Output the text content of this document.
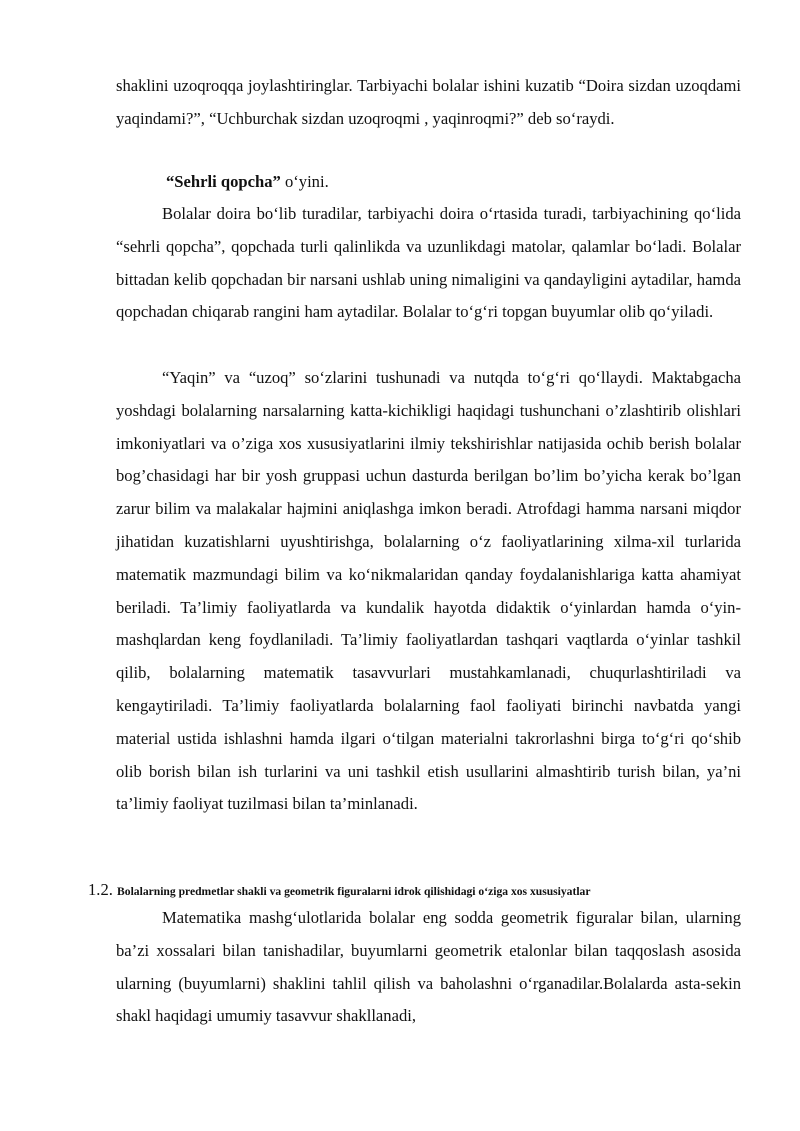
shaklini uzoqroqqa joylashtiringlar. Tarbiyachi bolalar ishini kuzatib “Doira sizdan uzoqdami yaqindami?”, “Uchburchak sizdan uzoqroqmi , yaqinroqmi?” deb so‘raydi.

“Sehrli qopcha” o‘yini.

Bolalar doira bo‘lib turadilar, tarbiyachi doira o‘rtasida turadi, tarbiyachining qo‘lida “sehrli qopcha”, qopchada turli qalinlikda va uzunlikdagi matolar, qalamlar bo‘ladi. Bolalar bittadan kelib qopchadan bir narsani ushlab uning nimaligini va qandayligini aytadilar, hamda qopchadan chiqarab rangini ham aytadilar. Bolalar to‘g‘ri topgan buyumlar olib qo‘yiladi.

“Yaqin” va “uzoq” so‘zlarini tushunadi va nutqda to‘g‘ri qo‘llaydi. Maktabgacha yoshdagi bolalarning narsalarning katta-kichikligi haqidagi tushunchani o’zlashtirib olishlari imkoniyatlari va o’ziga xos xususiyatlarini ilmiy tekshirishlar natijasida ochib berish bolalar bog’chasidagi har bir yosh gruppasi uchun dasturda berilgan bo’lim bo’yicha kerak bo’lgan zarur bilim va malakalar hajmini aniqlashga imkon beradi. Atrofdagi hamma narsani miqdor jihatidan kuzatishlarni uyushtirishga, bolalarning o‘z faoliyatlarining xilma-xil turlarida matematik mazmundagi bilim va ko‘nikmalaridan qanday foydalanishlariga katta ahamiyat beriladi. Ta’limiy faoliyatlarda va kundalik hayotda didaktik o‘yinlardan hamda o‘yin-mashqlardan keng foydlaniladi. Ta’limiy faoliyatlardan tashqari vaqtlarda o‘yinlar tashkil qilib, bolalarning matematik tasavvurlari mustahkamlanadi, chuqurlashtiriladi va kengaytiriladi. Ta’limiy faoliyatlarda bolalarning faol faoliyati birinchi navbatda yangi material ustida ishlashni hamda ilgari o‘tilgan materialni takrorlashni birga to‘g‘ri qo‘shib olib borish bilan ish turlarini va uni tashkil etish usullarini almashtirib turish bilan, ya’ni ta’limiy faoliyat tuzilmasi bilan ta’minlanadi.

1.2. Bolalarning predmetlar shakli va geometrik figuralarni idrok qilishidagi o‘ziga xos xususiyatlar

Matematika mashg‘ulotlarida bolalar eng sodda geometrik figuralar bilan, ularning ba’zi xossalari bilan tanishadilar, buyumlarni geometrik etalonlar bilan taqqoslash asosida ularning (buyumlarni) shaklini tahlil qilish va baholashni o‘rganadilar.Bolalarda asta-sekin shakl haqidagi umumiy tasavvur shakllanadi,
